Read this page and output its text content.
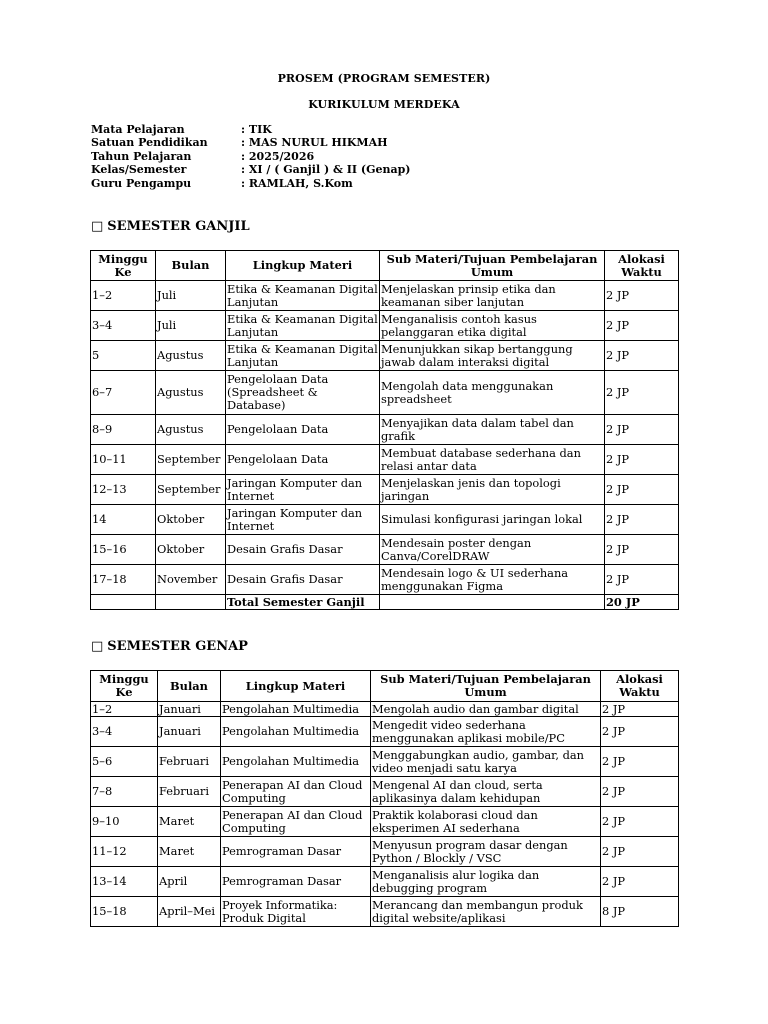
PROSEM (PROGRAM SEMESTER)
KURIKULUM MERDEKA
Mata Pelajaran	: TIK
Satuan Pendidikan	: MAS NURUL HIKMAH
Tahun Pelajaran	: 2025/2026
Kelas/Semester	: XI / ( Ganjil ) & II (Genap)
Guru Pengampu	: RAMLAH, S.Kom
□ SEMESTER GANJIL
Minggu Ke	Bulan	Lingkup Materi	Sub Materi/Tujuan Pembelajaran Umum	Alokasi Waktu
1–2	Juli	Etika & Keamanan Digital Lanjutan	Menjelaskan prinsip etika dan keamanan siber lanjutan	2 JP
3–4	Juli	Etika & Keamanan Digital Lanjutan	Menganalisis contoh kasus pelanggaran etika digital	2 JP
5	Agustus	Etika & Keamanan Digital Lanjutan	Menunjukkan sikap bertanggung jawab dalam interaksi digital	2 JP
6–7	Agustus	Pengelolaan Data (Spreadsheet & Database)	Mengolah data menggunakan spreadsheet	2 JP
8–9	Agustus	Pengelolaan Data	Menyajikan data dalam tabel dan grafik	2 JP
10–11	September	Pengelolaan Data	Membuat database sederhana dan relasi antar data	2 JP
12–13	September	Jaringan Komputer dan Internet	Menjelaskan jenis dan topologi jaringan	2 JP
14	Oktober	Jaringan Komputer dan Internet	Simulasi konfigurasi jaringan lokal	2 JP
15–16	Oktober	Desain Grafis Dasar	Mendesain poster dengan Canva/CorelDRAW	2 JP
17–18	November	Desain Grafis Dasar	Mendesain logo & UI sederhana menggunakan Figma	2 JP
		Total Semester Ganjil		20 JP
□ SEMESTER GENAP
Minggu Ke	Bulan	Lingkup Materi	Sub Materi/Tujuan Pembelajaran Umum	Alokasi Waktu
1–2	Januari	Pengolahan Multimedia	Mengolah audio dan gambar digital	2 JP
3–4	Januari	Pengolahan Multimedia	Mengedit video sederhana menggunakan aplikasi mobile/PC	2 JP
5–6	Februari	Pengolahan Multimedia	Menggabungkan audio, gambar, dan video menjadi satu karya	2 JP
7–8	Februari	Penerapan AI dan Cloud Computing	Mengenal AI dan cloud, serta aplikasinya dalam kehidupan	2 JP
9–10	Maret	Penerapan AI dan Cloud Computing	Praktik kolaborasi cloud dan eksperimen AI sederhana	2 JP
11–12	Maret	Pemrograman Dasar	Menyusun program dasar dengan Python / Blockly / VSC	2 JP
13–14	April	Pemrograman Dasar	Menganalisis alur logika dan debugging program	2 JP
15–18	April–Mei	Proyek Informatika: Produk Digital	Merancang dan membangun produk digital website/aplikasi	8 JP
